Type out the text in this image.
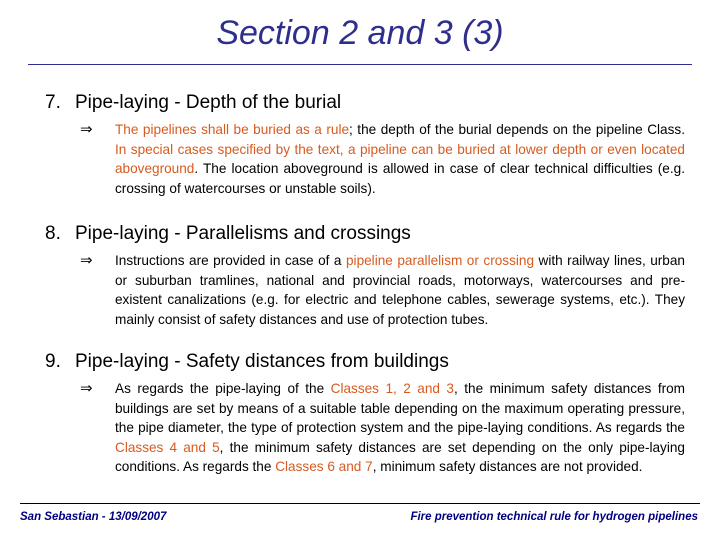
Section 2 and 3 (3)
7. Pipe-laying - Depth of the burial
⇒ The pipelines shall be buried as a rule; the depth of the burial depends on the pipeline Class. In special cases specified by the text, a pipeline can be buried at lower depth or even located aboveground. The location aboveground is allowed in case of clear technical difficulties (e.g. crossing of watercourses or unstable soils).
8. Pipe-laying - Parallelisms and crossings
⇒ Instructions are provided in case of a pipeline parallelism or crossing with railway lines, urban or suburban tramlines, national and provincial roads, motorways, watercourses and pre-existent canalizations (e.g. for electric and telephone cables, sewerage systems, etc.). They mainly consist of safety distances and use of protection tubes.
9. Pipe-laying - Safety distances from buildings
⇒ As regards the pipe-laying of the Classes 1, 2 and 3, the minimum safety distances from buildings are set by means of a suitable table depending on the maximum operating pressure, the pipe diameter, the type of protection system and the pipe-laying conditions. As regards the Classes 4 and 5, the minimum safety distances are set depending on the only pipe-laying conditions. As regards the Classes 6 and 7, minimum safety distances are not provided.
San Sebastian - 13/09/2007	Fire prevention technical rule for hydrogen pipelines
